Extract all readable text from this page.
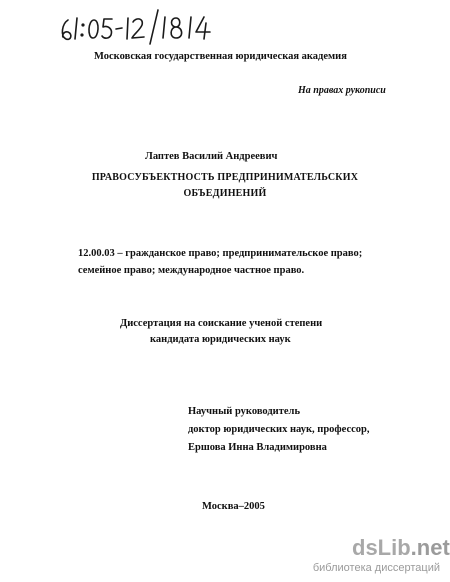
Московская государственная юридическая академия
На правах рукописи
Лаптев Василий Андреевич
ПРАВОСУБЪЕКТНОСТЬ ПРЕДПРИНИМАТЕЛЬСКИХ
ОБЪЕДИНЕНИЙ
12.00.03 – гражданское право; предпринимательское право;
семейное право; международное частное право.
Диссертация на соискание ученой степени
кандидата юридических наук
Научный руководитель
доктор юридических наук, профессор,
Ершова Инна Владимировна
Москва–2005
dsLib.net
библиотека диссертаций
